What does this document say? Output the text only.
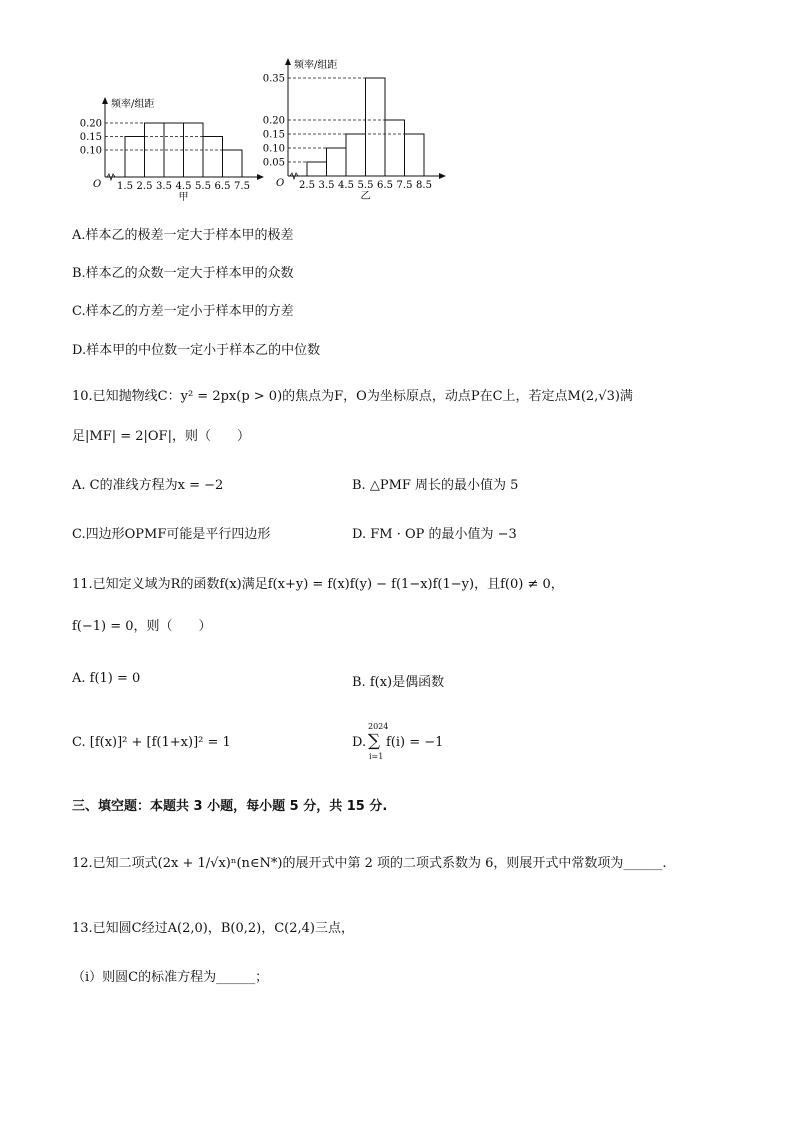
频率/组距
O
0.20
0.15
0.10
1.5 2.5 3.5 4.5 5.5 6.5 7.5
甲
频率/组距
O
0.35
0.20
0.15
0.10
0.05
2.5 3.5 4.5 5.5 6.5 7.5 8.5
乙
A.样本乙的极差一定大于样本甲的极差
B.样本乙的众数一定大于样本甲的众数
C.样本乙的方差一定小于样本甲的方差
D.样本甲的中位数一定小于样本乙的中位数
10.已知抛物线C：y² = 2px(p > 0)的焦点为F，O为坐标原点，动点P在C上，若定点M(2,√3)满
足|MF| = 2|OF|，则（　　）
A. C的准线方程为x = −2	B. △PMF 周长的最小值为 5
C.四边形OPMF可能是平行四边形	D. FM · OP 的最小值为 −3
11.已知定义域为R的函数f(x)满足f(x+y) = f(x)f(y) − f(1−x)f(1−y)，且f(0) ≠ 0，
f(−1) = 0，则（　　）
A. f(1) = 0	B. f(x)是偶函数
C. [f(x)]² + [f(1+x)]² = 1	D.
2024
∑
i=1
f(i) = −1
三、填空题：本题共 3 小题，每小题 5 分，共 15 分.
12.已知二项式(2x + 1/√x)ⁿ(n∈N*)的展开式中第 2 项的二项式系数为 6，则展开式中常数项为______.
13.已知圆C经过A(2,0)，B(0,2)，C(2,4)三点，
（i）则圆C的标准方程为______；
